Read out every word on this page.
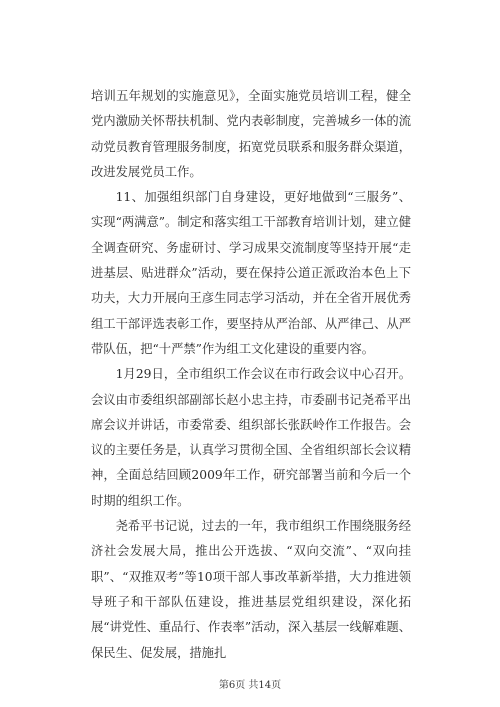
培训五年规划的实施意见》，全面实施党员培训工程，健全党内激励关怀帮扶机制、党内表彰制度，完善城乡一体的流动党员教育管理服务制度，拓宽党员联系和服务群众渠道，改进发展党员工作。

11、加强组织部门自身建设，更好地做到“三服务”、实现“两满意”。制定和落实组工干部教育培训计划，建立健全调查研究、务虚研讨、学习成果交流制度等坚持开展“走进基层、贴进群众”活动，要在保持公道正派政治本色上下功夫，大力开展向王彦生同志学习活动，并在全省开展优秀组工干部评选表彰工作，要坚持从严治部、从严律己、从严带队伍，把“十严禁”作为组工文化建设的重要内容。

1月29日，全市组织工作会议在市行政会议中心召开。会议由市委组织部副部长赵小忠主持，市委副书记尧希平出席会议并讲话，市委常委、组织部长张跃岭作工作报告。会议的主要任务是，认真学习贯彻全国、全省组织部长会议精神，全面总结回顾2009年工作，研究部署当前和今后一个时期的组织工作。

尧希平书记说，过去的一年，我市组织工作围绕服务经济社会发展大局，推出公开选拔、“双向交流”、“双向挂职”、“双推双考”等10项干部人事改革新举措，大力推进领导班子和干部队伍建设，推进基层党组织建设，深化拓展“讲党性、重品行、作表率”活动，深入基层一线解难题、保民生、促发展，措施扎

第6页 共14页
